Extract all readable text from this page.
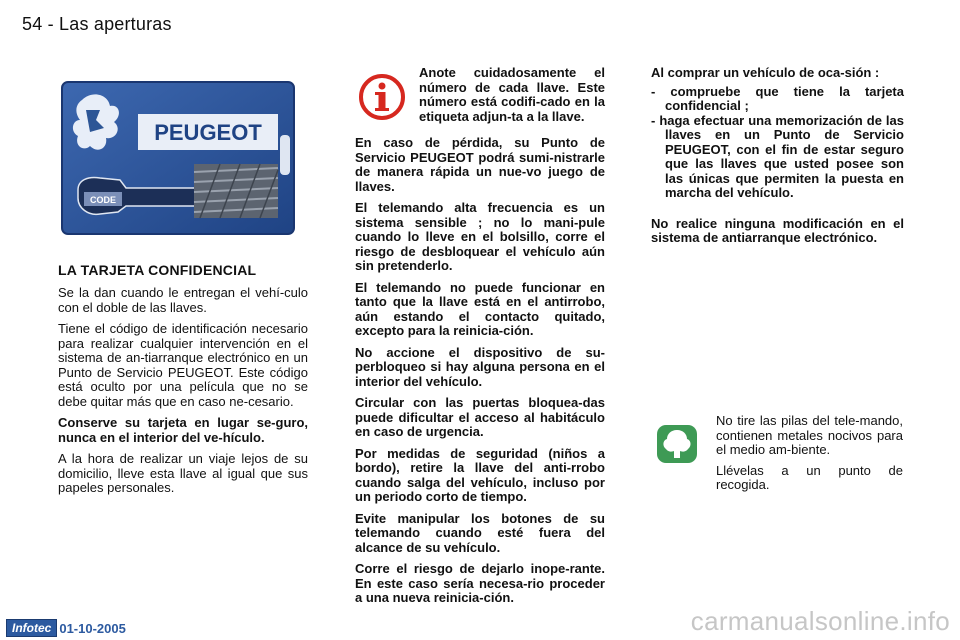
54 - Las aperturas
PEUGEOT
CODE
LA TARJETA CONFIDENCIAL

Se la dan cuando le entregan el vehí-culo con el doble de las llaves.

Tiene el código de identificación necesario para realizar cualquier intervención en el sistema de an-tiarranque electrónico en un Punto de Servicio PEUGEOT. Este código está oculto por una película que no se debe quitar más que en caso ne-cesario.

Conserve su tarjeta en lugar se-guro, nunca en el interior del ve-hículo.

A la hora de realizar un viaje lejos de su domicilio, lleve esta llave al igual que sus papeles personales.

Anote cuidadosamente el número de cada llave. Este número está codifi-cado en la etiqueta adjun-ta a la llave.

En caso de pérdida, su Punto de Servicio PEUGEOT podrá sumi-nistrarle de manera rápida un nue-vo juego de llaves.

El telemando alta frecuencia es un sistema sensible ; no lo mani-pule cuando lo lleve en el bolsillo, corre el riesgo de desbloquear el vehículo aún sin pretenderlo.

El telemando no puede funcionar en tanto que la llave está en el antirrobo, aún estando el contacto quitado, excepto para la reinicia-ción.

No accione el dispositivo de su-perbloqueo si hay alguna persona en el interior del vehículo.

Circular con las puertas bloquea-das puede dificultar el acceso al habitáculo en caso de urgencia.

Por medidas de seguridad (niños a bordo), retire la llave del anti-rrobo cuando salga del vehículo, incluso por un periodo corto de tiempo.

Evite manipular los botones de su telemando cuando esté fuera del alcance de su vehículo.

Corre el riesgo de dejarlo inope-rante. En este caso sería necesa-rio proceder a una nueva reinicia-ción.

Al comprar un vehículo de oca-sión :

- compruebe que tiene la tarjeta confidencial ;
- haga efectuar una memorización de las llaves en un Punto de Servicio PEUGEOT, con el fin de estar seguro que las llaves que usted posee son las únicas que permiten la puesta en marcha del vehículo.

No realice ninguna modificación en el sistema de antiarranque electrónico.

No tire las pilas del tele-mando, contienen metales nocivos para el medio am-biente.

Llévelas a un punto de recogida.

Infotec 01-10-2005	carmanualsonline.info
